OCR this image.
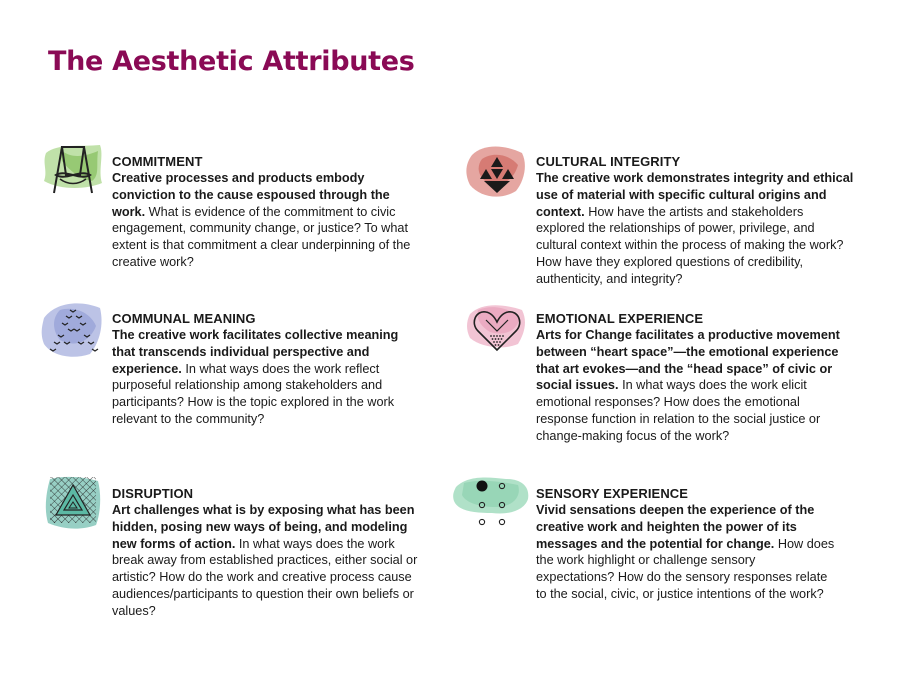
The Aesthetic Attributes
COMMITMENT
Creative processes and products embody conviction to the cause espoused through the work. What is evidence of the commitment to civic engagement, community change, or justice? To what extent is that commitment a clear underpinning of the creative work?
CULTURAL INTEGRITY
The creative work demonstrates integrity and ethical use of material with specific cultural origins and context. How have the artists and stakeholders explored the relationships of power, privilege, and cultural context within the process of making the work? How have they explored questions of credibility, authenticity, and integrity?
COMMUNAL MEANING
The creative work facilitates collective meaning that transcends individual perspective and experience. In what ways does the work reflect purposeful relationship among stakeholders and participants? How is the topic explored in the work relevant to the community?
EMOTIONAL EXPERIENCE
Arts for Change facilitates a productive movement between “heart space”—the emotional experience that art evokes—and the “head space” of civic or social issues. In what ways does the work elicit emotional responses? How does the emotional response function in relation to the social justice or change-making focus of the work?
DISRUPTION
Art challenges what is by exposing what has been hidden, posing new ways of being, and modeling new forms of action. In what ways does the work break away from established practices, either social or artistic? How do the work and creative process cause audiences/participants to question their own beliefs or values?
SENSORY EXPERIENCE
Vivid sensations deepen the experience of the creative work and heighten the power of its messages and the potential for change. How does the work highlight or challenge sensory expectations? How do the sensory responses relate to the social, civic, or justice intentions of the work?
